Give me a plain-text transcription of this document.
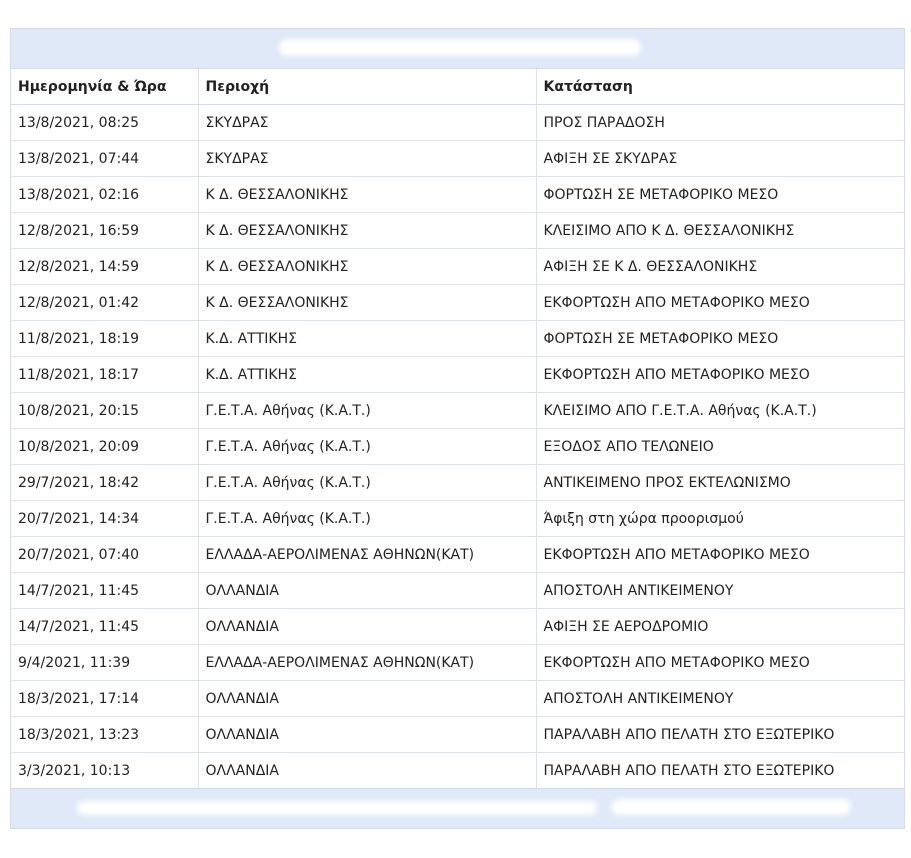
Ημερομηνία & Ώρα	Περιοχή	Κατάσταση
13/8/2021, 08:25	ΣΚΥΔΡΑΣ	ΠΡΟΣ ΠΑΡΑΔΟΣΗ
13/8/2021, 07:44	ΣΚΥΔΡΑΣ	ΑΦΙΞΗ ΣΕ ΣΚΥΔΡΑΣ
13/8/2021, 02:16	Κ Δ. ΘΕΣΣΑΛΟΝΙΚΗΣ	ΦΟΡΤΩΣΗ ΣΕ ΜΕΤΑΦΟΡΙΚΟ ΜΕΣΟ
12/8/2021, 16:59	Κ Δ. ΘΕΣΣΑΛΟΝΙΚΗΣ	ΚΛΕΙΣΙΜΟ ΑΠΟ Κ Δ. ΘΕΣΣΑΛΟΝΙΚΗΣ
12/8/2021, 14:59	Κ Δ. ΘΕΣΣΑΛΟΝΙΚΗΣ	ΑΦΙΞΗ ΣΕ Κ Δ. ΘΕΣΣΑΛΟΝΙΚΗΣ
12/8/2021, 01:42	Κ Δ. ΘΕΣΣΑΛΟΝΙΚΗΣ	ΕΚΦΟΡΤΩΣΗ ΑΠΟ ΜΕΤΑΦΟΡΙΚΟ ΜΕΣΟ
11/8/2021, 18:19	Κ.Δ. ΑΤΤΙΚΗΣ	ΦΟΡΤΩΣΗ ΣΕ ΜΕΤΑΦΟΡΙΚΟ ΜΕΣΟ
11/8/2021, 18:17	Κ.Δ. ΑΤΤΙΚΗΣ	ΕΚΦΟΡΤΩΣΗ ΑΠΟ ΜΕΤΑΦΟΡΙΚΟ ΜΕΣΟ
10/8/2021, 20:15	Γ.Ε.Τ.Α. Αθήνας (Κ.Α.Τ.)	ΚΛΕΙΣΙΜΟ ΑΠΟ Γ.Ε.Τ.Α. Αθήνας (Κ.Α.Τ.)
10/8/2021, 20:09	Γ.Ε.Τ.Α. Αθήνας (Κ.Α.Τ.)	ΕΞΟΔΟΣ ΑΠΟ ΤΕΛΩΝΕΙΟ
29/7/2021, 18:42	Γ.Ε.Τ.Α. Αθήνας (Κ.Α.Τ.)	ΑΝΤΙΚΕΙΜΕΝΟ ΠΡΟΣ ΕΚΤΕΛΩΝΙΣΜΟ
20/7/2021, 14:34	Γ.Ε.Τ.Α. Αθήνας (Κ.Α.Τ.)	Άφιξη στη χώρα προορισμού
20/7/2021, 07:40	ΕΛΛΑΔΑ-ΑΕΡΟΛΙΜΕΝΑΣ ΑΘΗΝΩΝ(ΚΑΤ)	ΕΚΦΟΡΤΩΣΗ ΑΠΟ ΜΕΤΑΦΟΡΙΚΟ ΜΕΣΟ
14/7/2021, 11:45	ΟΛΛΑΝΔΙΑ	ΑΠΟΣΤΟΛΗ ΑΝΤΙΚΕΙΜΕΝΟΥ
14/7/2021, 11:45	ΟΛΛΑΝΔΙΑ	ΑΦΙΞΗ ΣΕ ΑΕΡΟΔΡΟΜΙΟ
9/4/2021, 11:39	ΕΛΛΑΔΑ-ΑΕΡΟΛΙΜΕΝΑΣ ΑΘΗΝΩΝ(ΚΑΤ)	ΕΚΦΟΡΤΩΣΗ ΑΠΟ ΜΕΤΑΦΟΡΙΚΟ ΜΕΣΟ
18/3/2021, 17:14	ΟΛΛΑΝΔΙΑ	ΑΠΟΣΤΟΛΗ ΑΝΤΙΚΕΙΜΕΝΟΥ
18/3/2021, 13:23	ΟΛΛΑΝΔΙΑ	ΠΑΡΑΛΑΒΗ ΑΠΟ ΠΕΛΑΤΗ ΣΤΟ ΕΞΩΤΕΡΙΚΟ
3/3/2021, 10:13	ΟΛΛΑΝΔΙΑ	ΠΑΡΑΛΑΒΗ ΑΠΟ ΠΕΛΑΤΗ ΣΤΟ ΕΞΩΤΕΡΙΚΟ
